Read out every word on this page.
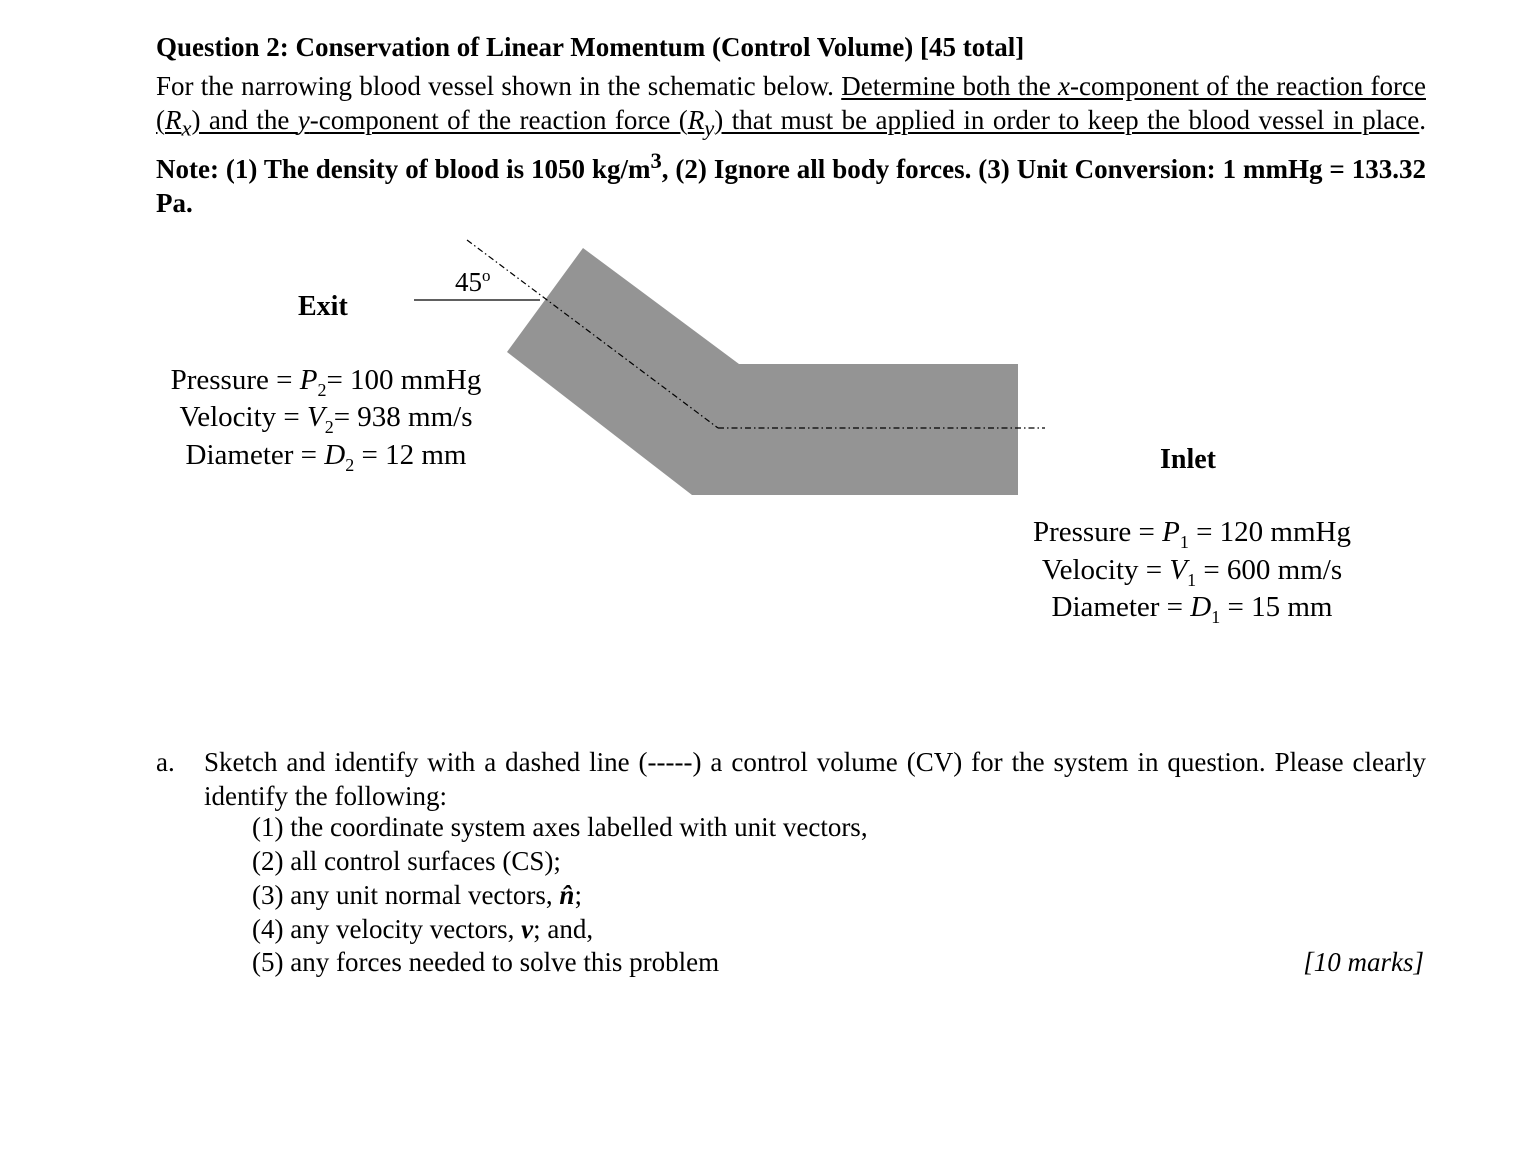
Question 2: Conservation of Linear Momentum (Control Volume) [45 total]
For the narrowing blood vessel shown in the schematic below. Determine both the x-component of the reaction force $(R_x)$ and the y-component of the reaction force $(R_y)$ that must be applied in order to keep the blood vessel in place. Note: (1) The density of blood is 1050 $kg/m^3$, (2) Ignore all body forces. (3) Unit Conversion: 1 mmHg = 133.32 Pa.
45$^o$
Exit
Pressure = $P_2= 100$ mmHg
Velocity = $V_2= 938$ mm/s
Diameter = $D_2 = 12$ mm	Inlet
Pressure = $P_1 = 120$ mmHg
Velocity = $V_1 = 600$ mm/s
Diameter = $D_1 = 15$ mm
a. Sketch and identify with a dashed line (-----) a control volume (CV) for the system in question. Please clearly identify the following:
(1) the coordinate system axes labelled with unit vectors,
(2) all control surfaces (CS);
(3) any unit normal vectors, n̂;
(4) any velocity vectors, v; and,
(5) any forces needed to solve this problem	[10 marks]
